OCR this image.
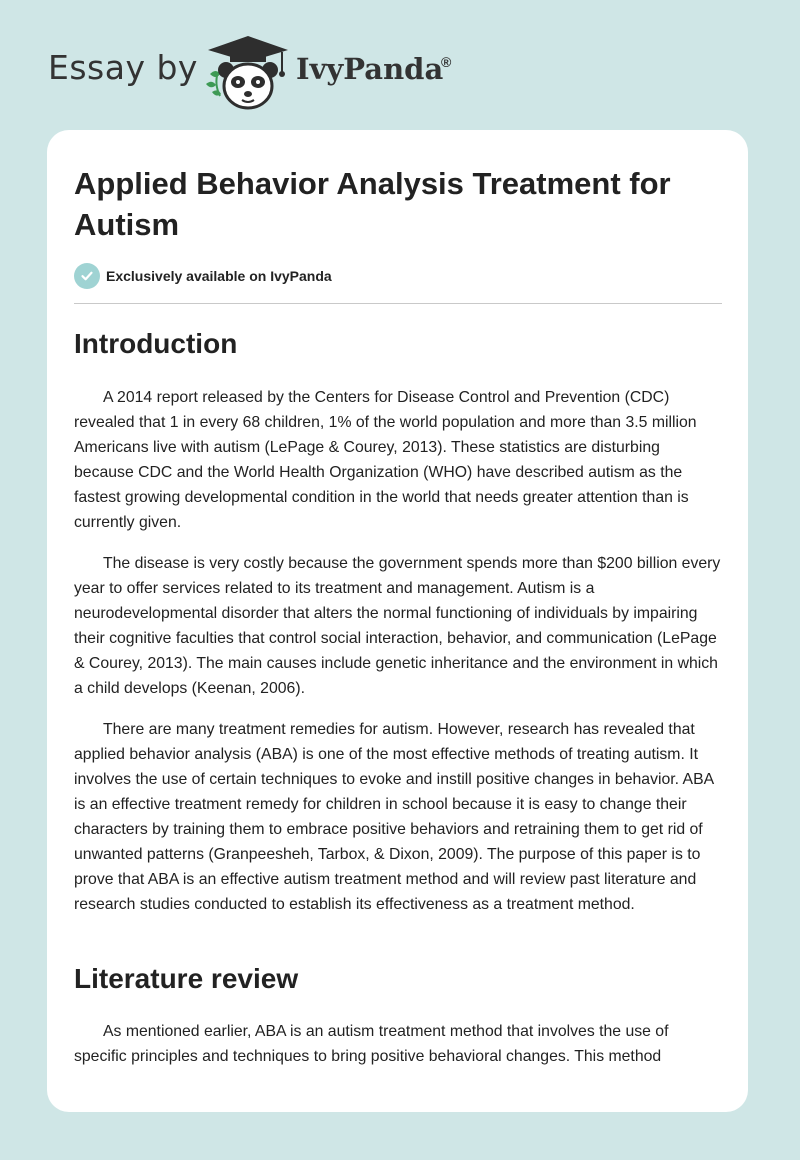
Essay by	IvyPanda
®
Applied Behavior Analysis Treatment for Autism
Exclusively available on IvyPanda
Introduction

A 2014 report released by the Centers for Disease Control and Prevention (CDC) revealed that 1 in every 68 children, 1% of the world population and more than 3.5 million Americans live with autism (LePage & Courey, 2013). These statistics are disturbing because CDC and the World Health Organization (WHO) have described autism as the fastest growing developmental condition in the world that needs greater attention than is currently given.

The disease is very costly because the government spends more than $200 billion every year to offer services related to its treatment and management. Autism is a neurodevelopmental disorder that alters the normal functioning of individuals by impairing their cognitive faculties that control social interaction, behavior, and communication (LePage & Courey, 2013). The main causes include genetic inheritance and the environment in which a child develops (Keenan, 2006).

There are many treatment remedies for autism. However, research has revealed that applied behavior analysis (ABA) is one of the most effective methods of treating autism. It involves the use of certain techniques to evoke and instill positive changes in behavior. ABA is an effective treatment remedy for children in school because it is easy to change their characters by training them to embrace positive behaviors and retraining them to get rid of unwanted patterns (Granpeesheh, Tarbox, & Dixon, 2009). The purpose of this paper is to prove that ABA is an effective autism treatment method and will review past literature and research studies conducted to establish its effectiveness as a treatment method.

Literature review

As mentioned earlier, ABA is an autism treatment method that involves the use of specific principles and techniques to bring positive behavioral changes. This method
